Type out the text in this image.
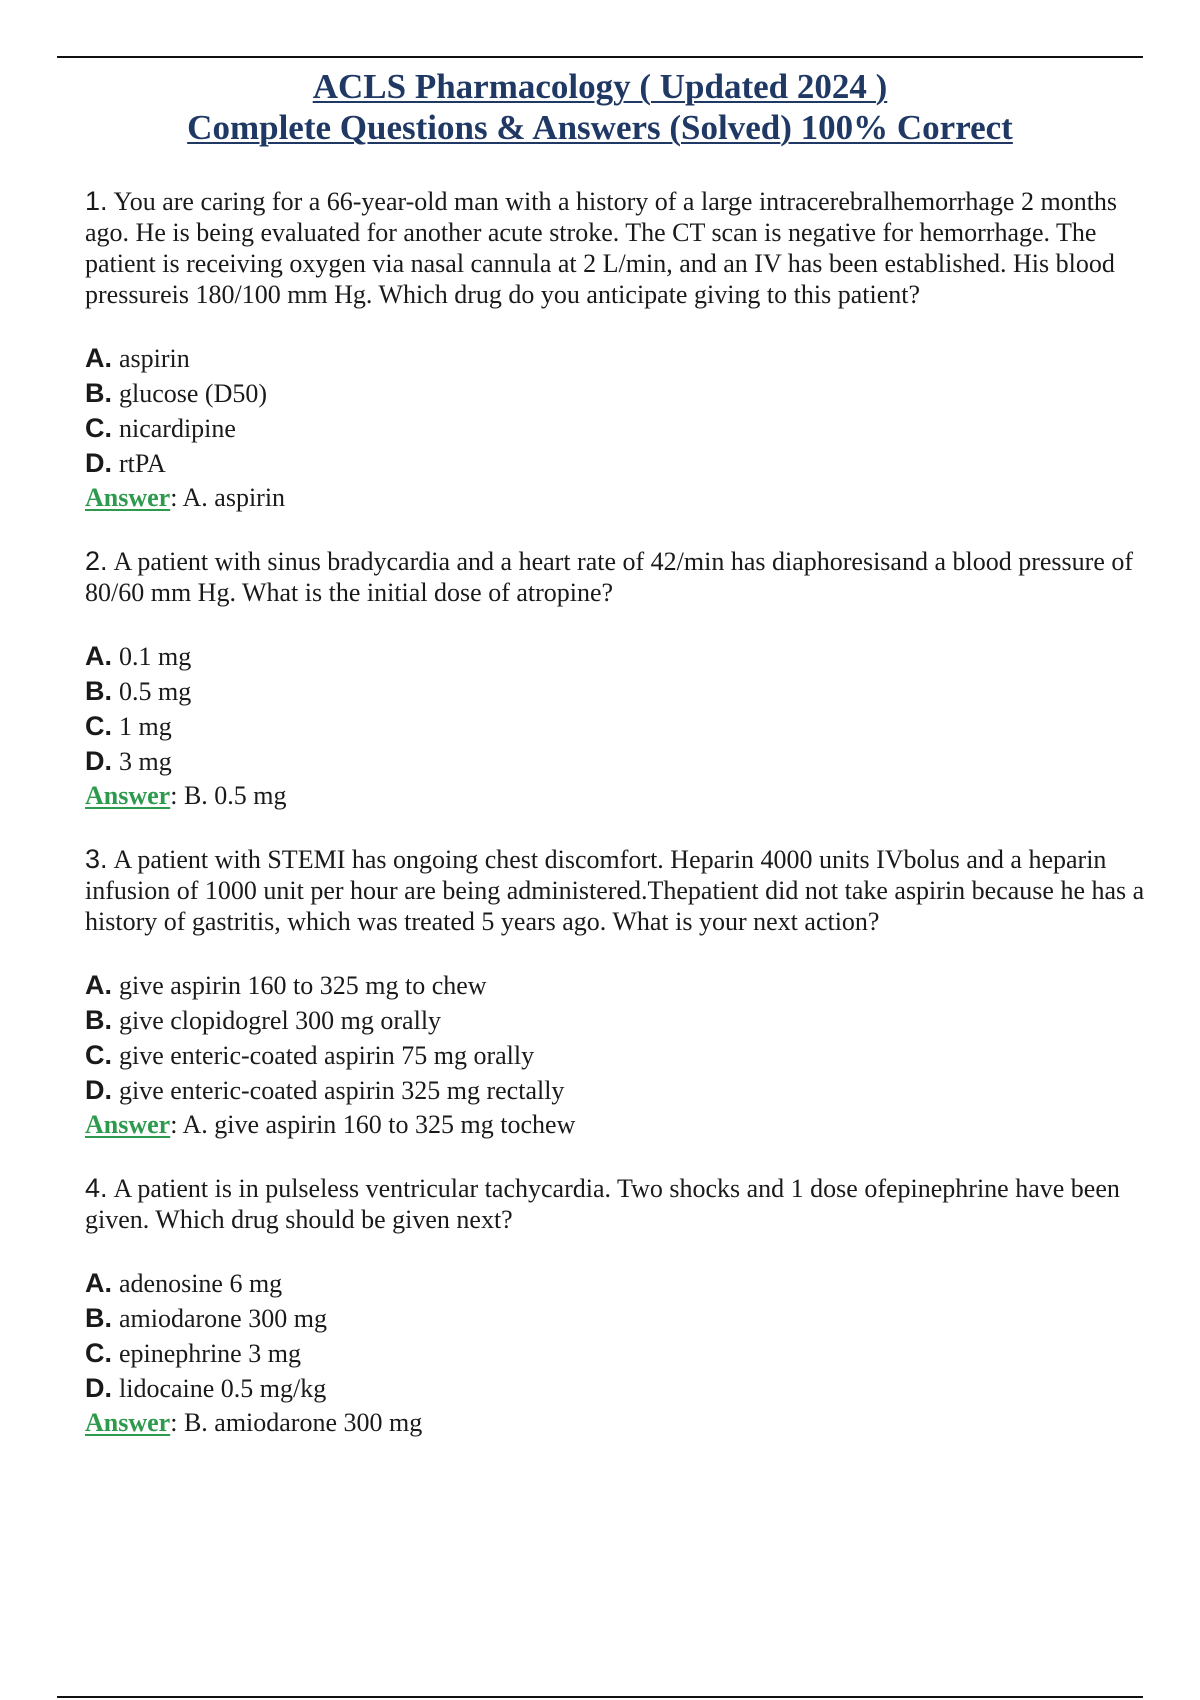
ACLS Pharmacology ( Updated 2024 )
Complete Questions & Answers (Solved) 100% Correct

1. You are caring for a 66-year-old man with a history of a large intracerebralhemorrhage 2 months ago. He is being evaluated for another acute stroke. The CT scan is negative for hemorrhage. The patient is receiving oxygen via nasal cannula at 2 L/min, and an IV has been established. His blood pressureis 180/100 mm Hg. Which drug do you anticipate giving to this patient?

A. aspirin

B. glucose (D50)

C. nicardipine

D. rtPA

Answer: A. aspirin

2. A patient with sinus bradycardia and a heart rate of 42/min has diaphoresisand a blood pressure of 80/60 mm Hg. What is the initial dose of atropine?

A. 0.1 mg

B. 0.5 mg

C. 1 mg

D. 3 mg

Answer: B. 0.5 mg

3. A patient with STEMI has ongoing chest discomfort. Heparin 4000 units IVbolus and a heparin infusion of 1000 unit per hour are being administered.Thepatient did not take aspirin because he has a history of gastritis, which was treated 5 years ago. What is your next action?

A. give aspirin 160 to 325 mg to chew

B. give clopidogrel 300 mg orally

C. give enteric-coated aspirin 75 mg orally

D. give enteric-coated aspirin 325 mg rectally

Answer: A. give aspirin 160 to 325 mg tochew

4. A patient is in pulseless ventricular tachycardia. Two shocks and 1 dose ofepinephrine have been given. Which drug should be given next?

A. adenosine 6 mg

B. amiodarone 300 mg

C. epinephrine 3 mg

D. lidocaine 0.5 mg/kg

Answer: B. amiodarone 300 mg
